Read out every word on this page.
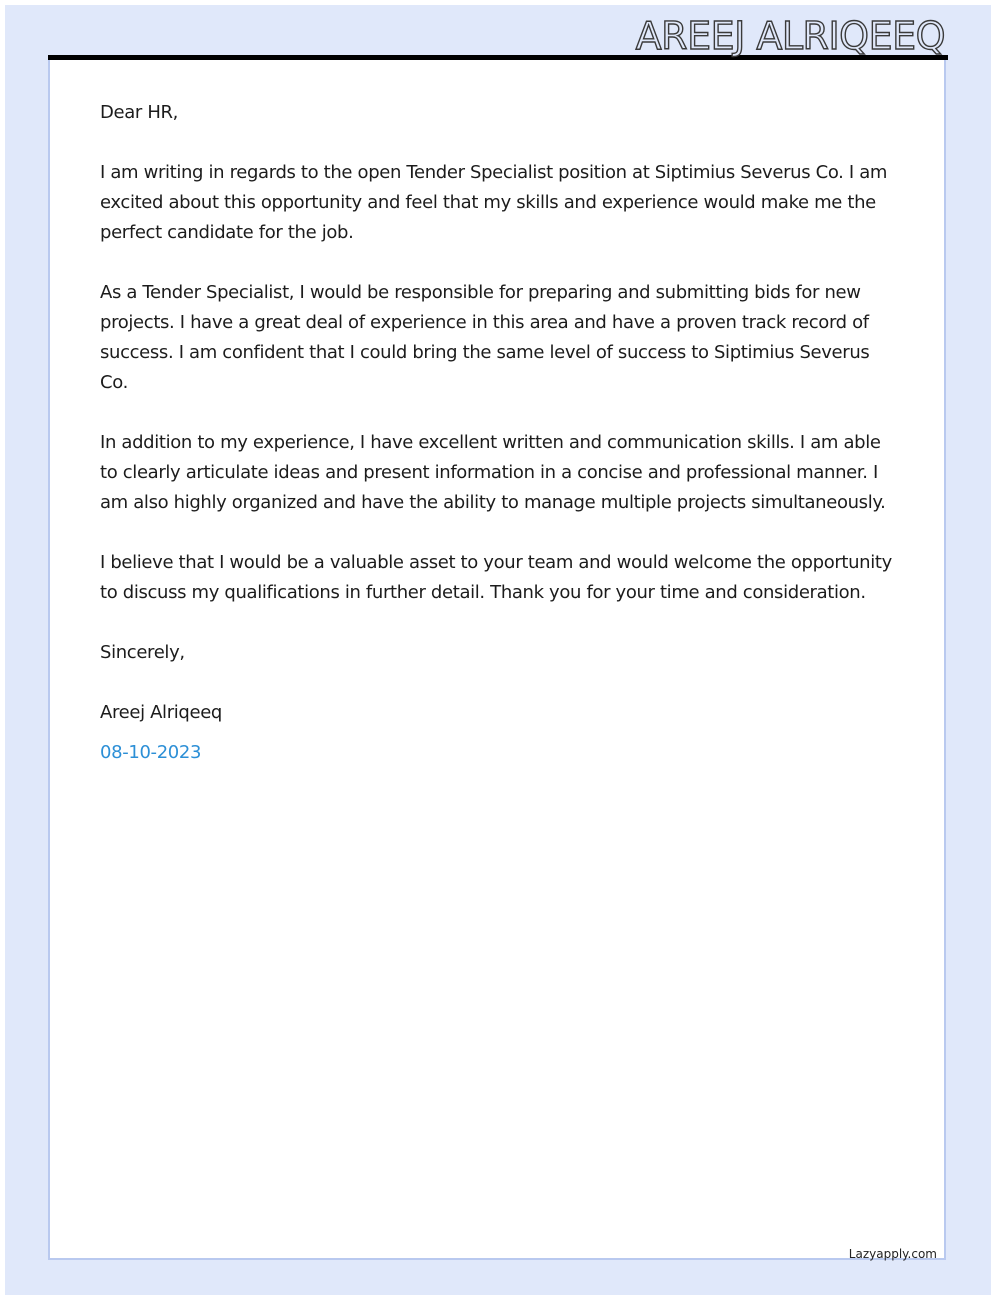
AREEJ ALRIQEEQ

Dear HR,

I am writing in regards to the open Tender Specialist position at Siptimius Severus Co. I am excited about this opportunity and feel that my skills and experience would make me the perfect candidate for the job.

As a Tender Specialist, I would be responsible for preparing and submitting bids for new projects. I have a great deal of experience in this area and have a proven track record of success. I am confident that I could bring the same level of success to Siptimius Severus Co.

In addition to my experience, I have excellent written and communication skills. I am able to clearly articulate ideas and present information in a concise and professional manner. I am also highly organized and have the ability to manage multiple projects simultaneously.

I believe that I would be a valuable asset to your team and would welcome the opportunity to discuss my qualifications in further detail. Thank you for your time and consideration.

Sincerely,

Areej Alriqeeq

08-10-2023

Lazyapply.com
